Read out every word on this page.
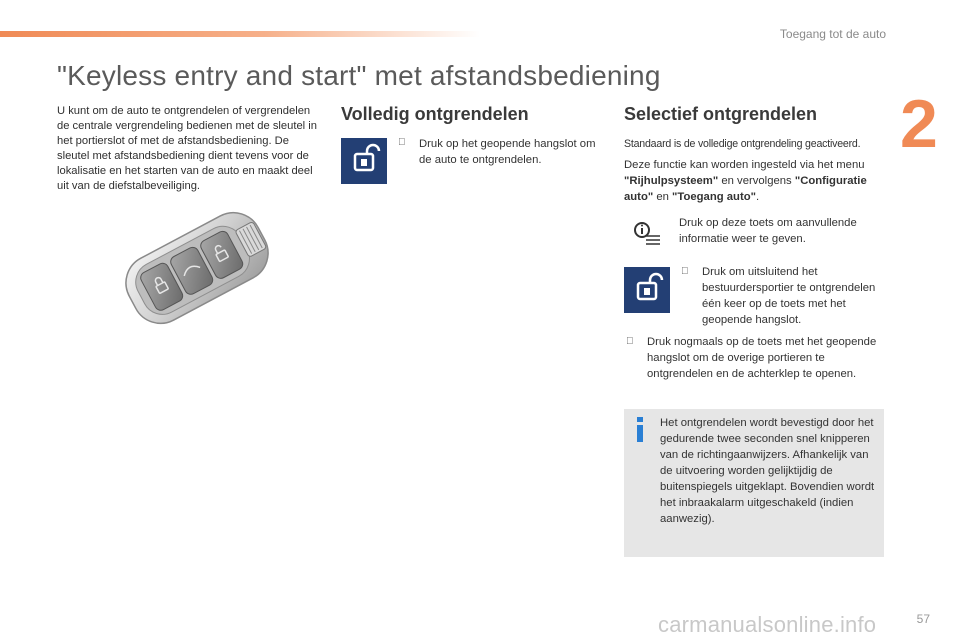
Toegang tot de auto
2
"Keyless entry and start" met afstandsbediening
U kunt om de auto te ontgrendelen of vergrendelen de centrale vergrendeling bedienen met de sleutel in het portierslot of met de afstandsbediening. De sleutel met afstandsbediening dient tevens voor de lokalisatie en het starten van de auto en maakt deel uit van de diefstalbeveiliging.
Volledig ontgrendelen
Druk op het geopende hangslot om de auto te ontgrendelen.
Selectief ontgrendelen
Standaard is de volledige ontgrendeling geactiveerd.
Deze functie kan worden ingesteld via het menu "Rijhulpsysteem" en vervolgens "Configuratie auto" en "Toegang auto".
Druk op deze toets om aanvullende informatie weer te geven.
Druk om uitsluitend het bestuurdersportier te ontgrendelen één keer op de toets met het geopende hangslot.
Druk nogmaals op de toets met het geopende hangslot om de overige portieren te ontgrendelen en de achterklep te openen.
Het ontgrendelen wordt bevestigd door het gedurende twee seconden snel knipperen van de richtingaanwijzers. Afhankelijk van de uitvoering worden gelijktijdig de buitenspiegels uitgeklapt. Bovendien wordt het inbraakalarm uitgeschakeld (indien aanwezig).
carmanualsonline.info	57
